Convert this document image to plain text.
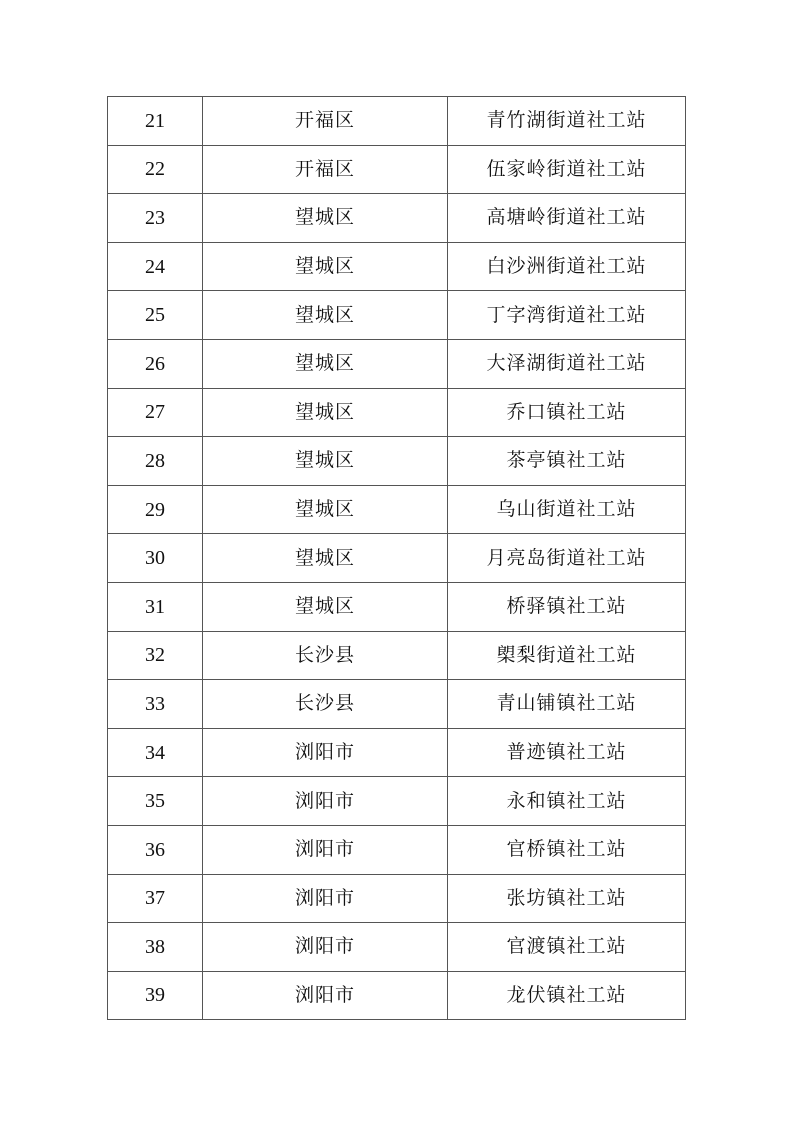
21	开福区	青竹湖街道社工站
22	开福区	伍家岭街道社工站
23	望城区	高塘岭街道社工站
24	望城区	白沙洲街道社工站
25	望城区	丁字湾街道社工站
26	望城区	大泽湖街道社工站
27	望城区	乔口镇社工站
28	望城区	茶亭镇社工站
29	望城区	乌山街道社工站
30	望城区	月亮岛街道社工站
31	望城区	桥驿镇社工站
32	长沙县	㮾梨街道社工站
33	长沙县	青山铺镇社工站
34	浏阳市	普迹镇社工站
35	浏阳市	永和镇社工站
36	浏阳市	官桥镇社工站
37	浏阳市	张坊镇社工站
38	浏阳市	官渡镇社工站
39	浏阳市	龙伏镇社工站
